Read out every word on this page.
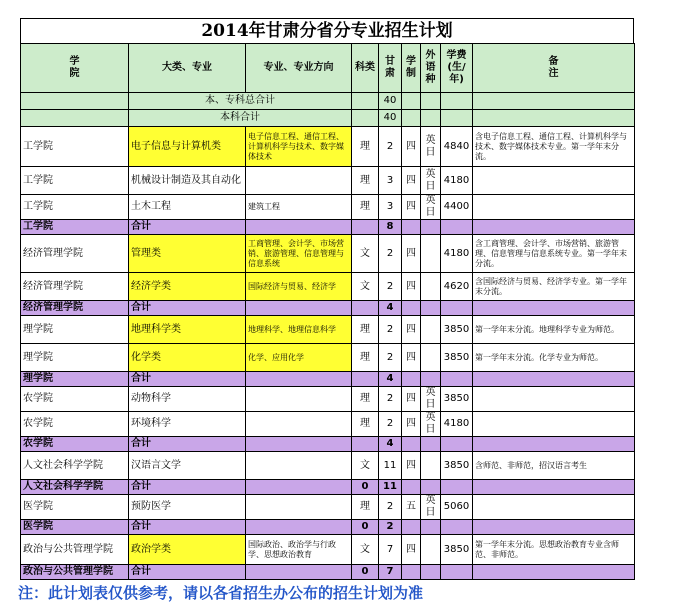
2014年甘肃分省分专业招生计划
学
院	大类、专业	专业、专业方向	科类	甘肃	学制	外语种	学费(生/年)	备
注
	本、专科总合计			40				
	本科合计			40				
工学院	电子信息与计算机类	电子信息工程、通信工程、计算机科学与技术、数字媒体技术	理	2	四	英日	4840	含电子信息工程、通信工程、计算机科学与技术、数字媒体技术专业。第一学年末分流。
工学院	机械设计制造及其自动化		理	3	四	英日	4180	
工学院	土木工程	建筑工程	理	3	四	英日	4400	
工学院	合计			8				
经济管理学院	管理类	工商管理、会计学、市场营销、旅游管理、信息管理与信息系统	文	2	四		4180	含工商管理、会计学、市场营销、旅游管理、信息管理与信息系统专业。第一学年末分流。
经济管理学院	经济学类	国际经济与贸易、经济学	文	2	四		4620	含国际经济与贸易、经济学专业。第一学年末分流。
经济管理学院	合计			4				
理学院	地理科学类	地理科学、地理信息科学	理	2	四		3850	第一学年末分流。地理科学专业为师范。
理学院	化学类	化学、应用化学	理	2	四		3850	第一学年末分流。化学专业为师范。
理学院	合计			4				
农学院	动物科学		理	2	四	英日	3850	
农学院	环境科学		理	2	四	英日	4180	
农学院	合计			4				
人文社会科学学院	汉语言文学		文	11	四		3850	含师范、非师范，招汉语言考生
人文社会科学学院	合计		0	11				
医学院	预防医学		理	2	五	英日	5060	
医学院	合计		0	2				
政治与公共管理学院	政治学类	国际政治、政治学与行政学、思想政治教育	文	7	四		3850	第一学年末分流。思想政治教育专业含师范、非师范。
政治与公共管理学院	合计		0	7				
注：此计划表仅供参考，请以各省招生办公布的招生计划为准
